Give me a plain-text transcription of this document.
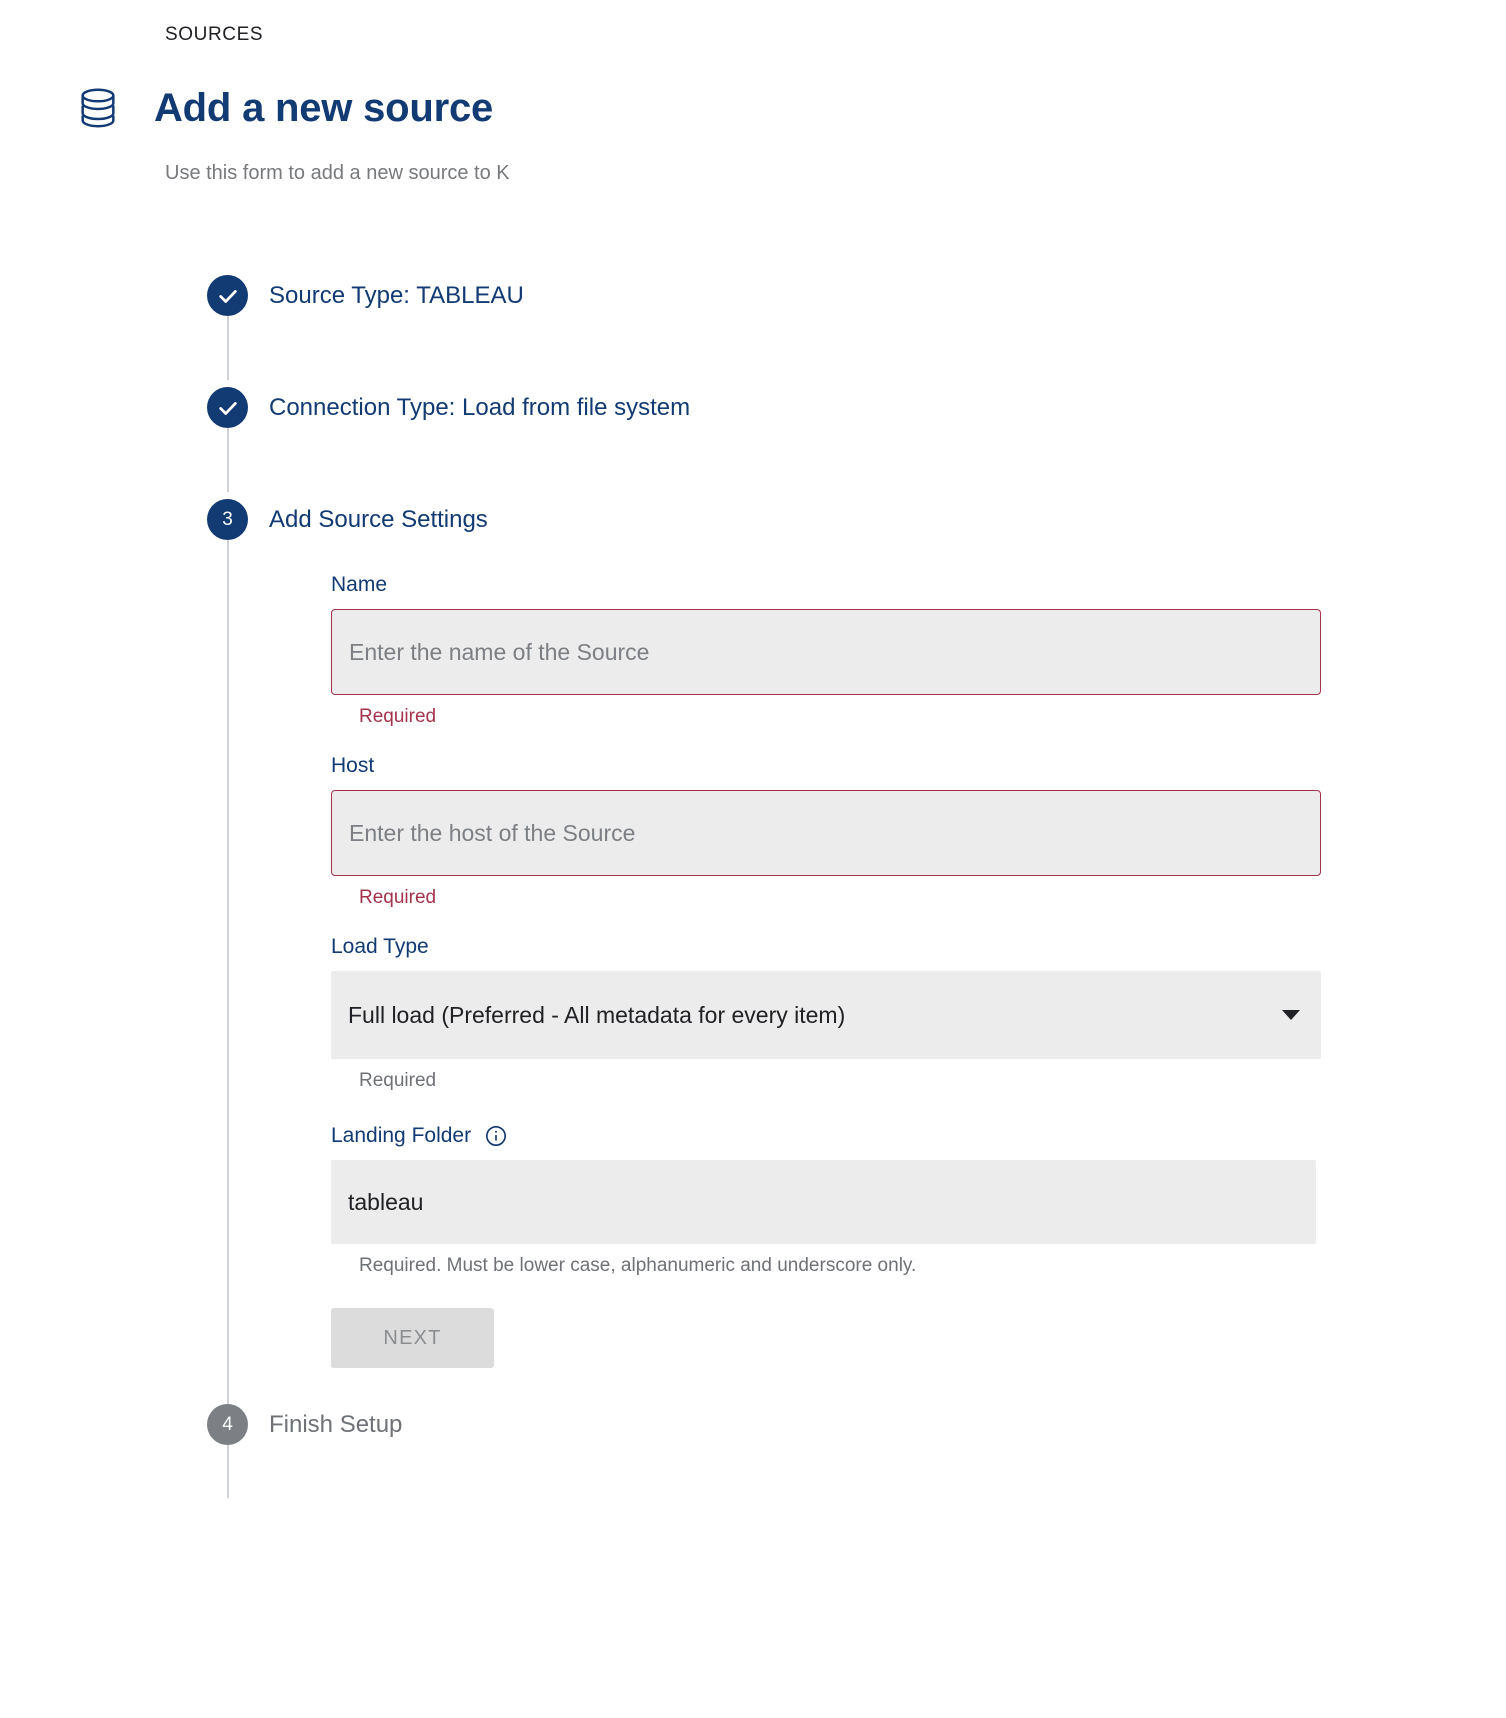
SOURCES
Add a new source
Use this form to add a new source to K
Source Type: TABLEAU
Connection Type: Load from file system
3	Add Source Settings
Name
Enter the name of the Source
Required
Host
Enter the host of the Source
Required
Load Type
Full load (Preferred - All metadata for every item)
Required
Landing Folder
tableau
Required. Must be lower case, alphanumeric and underscore only.
NEXT
4	Finish Setup
